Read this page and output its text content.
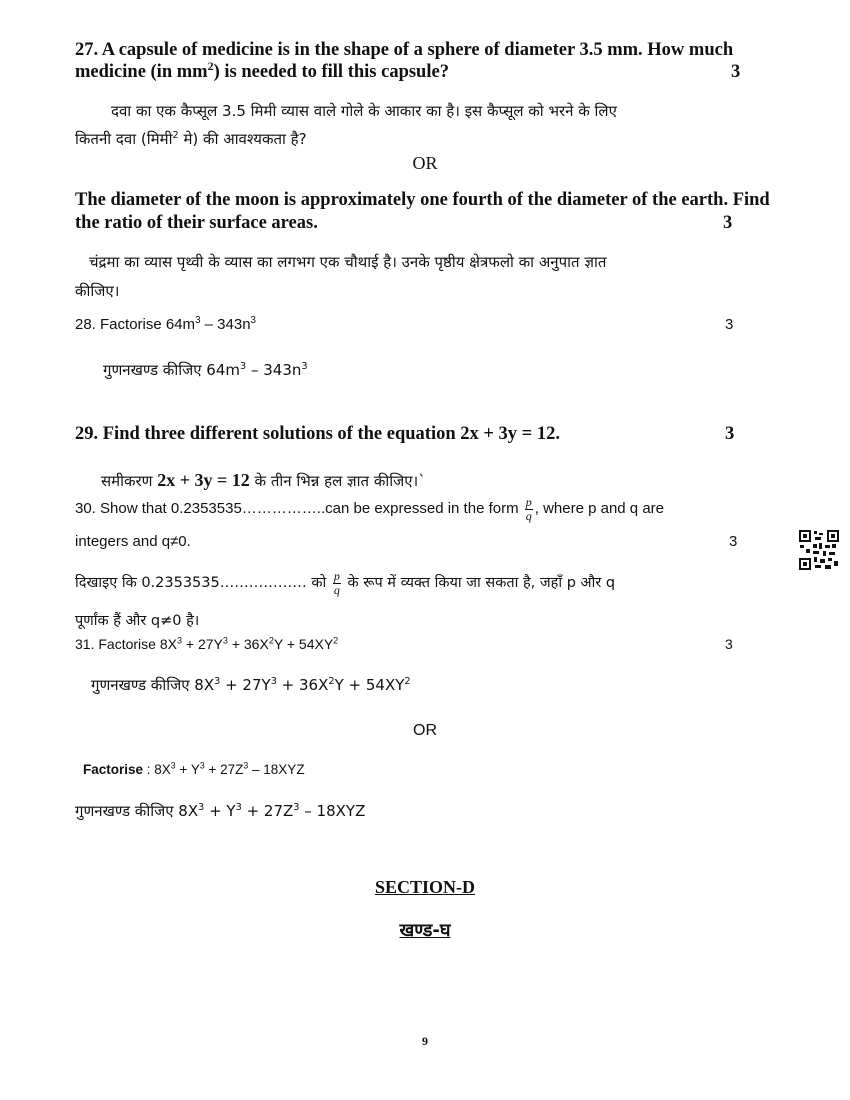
27. A capsule of medicine is in the shape of a sphere of diameter 3.5 mm. How much
medicine (in $mm^2$) is needed to fill this capsule?	3
दवा का एक कैप्सूल 3.5 मिमी व्यास वाले गोले के आकार का है। इस कैप्सूल को भरने के लिए
कितनी दवा (मिमी$^2$ मे) की आवश्यकता है?
OR
The diameter of the moon is approximately one fourth of the diameter of the earth. Find
the ratio of their surface areas.	3
चंद्रमा का व्यास पृथ्वी के व्यास का लगभग एक चौथाई है। उनके पृष्ठीय क्षेत्रफलो का अनुपात ज्ञात
कीजिए।
28. Factorise $64m^3 - 343n^3$	3
गुणनखण्ड कीजिए $64m^3 - 343n^3$
29. Find three different solutions of the equation 2x + 3y = 12.	3
समीकरण 2x + 3y = 12 के तीन भिन्न हल ज्ञात कीजिए।`
30. Show that 0.2353535……………..can be expressed in the form $\frac{p}{q}$ , where p and q are
integers and q≠0.	3
दिखाइए कि 0.2353535……………… को $\frac{p}{q}$ के रूप में व्यक्त किया जा सकता है, जहाँ p और q
पूर्णांक हैं और q≠0 है।
31. Factorise $8X^3 + 27Y^3 + 36X^2Y + 54XY^2$	3
गुणनखण्ड कीजिए $8X^3 + 27Y^3 + 36X^2Y + 54XY^2$
OR
Factorise : $8X^3 + Y^3 + 27Z^3 - 18XYZ$
गुणनखण्ड कीजिए $8X^3 + Y^3 + 27Z^3 - 18XYZ$
SECTION-D
खण्ड-घ
9
